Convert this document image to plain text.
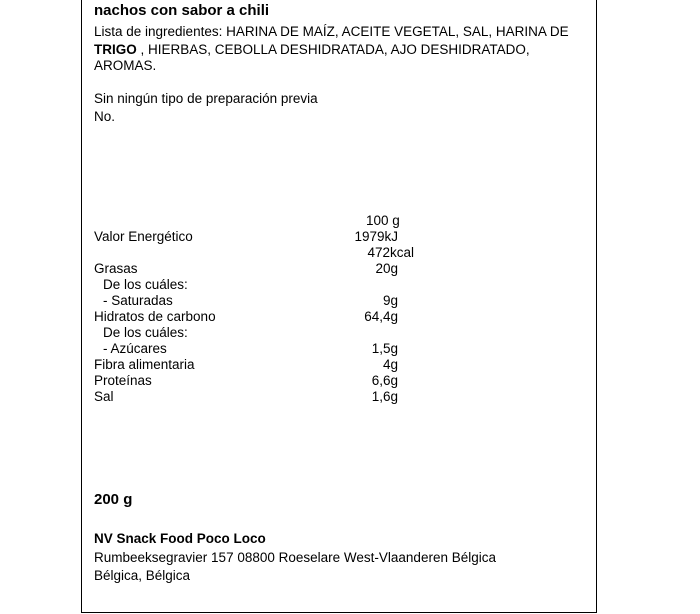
nachos con sabor a chili
Lista de ingredientes: HARINA DE MAÍZ, ACEITE VEGETAL, SAL, HARINA DE
TRIGO , HIERBAS, CEBOLLA DESHIDRATADA, AJO DESHIDRATADO,
AROMAS.
Sin ningún tipo de preparación previa
No.
100 g
Valor Energético	1979kJ
472kcal
Grasas	20g
De los cuáles:
- Saturadas	9g
Hidratos de carbono	64,4g
De los cuáles:
- Azúcares	1,5g
Fibra alimentaria	4g
Proteínas	6,6g
Sal	1,6g
200 g
NV Snack Food Poco Loco
Rumbeeksegravier 157 08800 Roeselare West-Vlaanderen Bélgica
Bélgica, Bélgica
